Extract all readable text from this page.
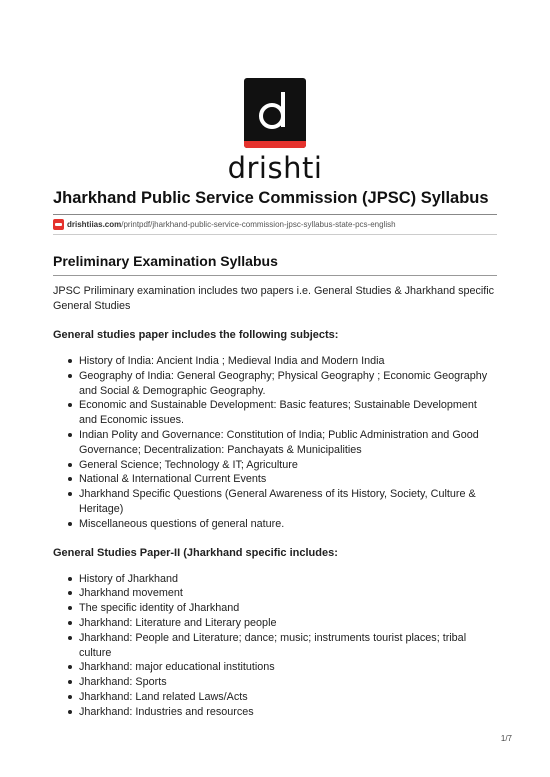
drishti
Jharkhand Public Service Commission (JPSC) Syllabus
drishtiias.com /printpdf/jharkhand-public-service-commission-jpsc-syllabus-state-pcs-english
Preliminary Examination Syllabus

JPSC Priliminary examination includes two papers i.e. General Studies & Jharkhand specific General Studies

General studies paper includes the following subjects:
History of India: Ancient India ; Medieval India and Modern India
Geography of India: General Geography; Physical Geography ; Economic Geography and Social & Demographic Geography.
Economic and Sustainable Development: Basic features; Sustainable Development and Economic issues.
Indian Polity and Governance: Constitution of India; Public Administration and Good Governance; Decentralization: Panchayats & Municipalities
General Science; Technology & IT; Agriculture
National & International Current Events
Jharkhand Specific Questions (General Awareness of its History, Society, Culture & Heritage)
Miscellaneous questions of general nature.
General Studies Paper-II (Jharkhand specific includes:
History of Jharkhand
Jharkhand movement
The specific identity of Jharkhand
Jharkhand: Literature and Literary people
Jharkhand: People and Literature; dance; music; instruments tourist places; tribal culture
Jharkhand: major educational institutions
Jharkhand: Sports
Jharkhand: Land related Laws/Acts
Jharkhand: Industries and resources
1/7
